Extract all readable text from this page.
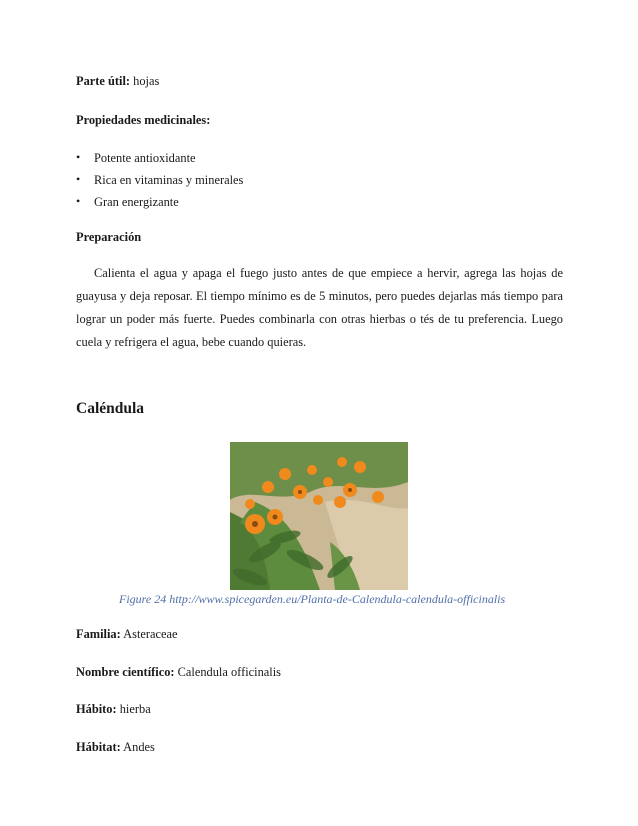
Parte útil: hojas
Propiedades medicinales:
• Potente antioxidante
• Rica en vitaminas y minerales
• Gran energizante
Preparación

Calienta el agua y apaga el fuego justo antes de que empiece a hervir, agrega las hojas de guayusa y deja reposar. El tiempo mínimo es de 5 minutos, pero puedes dejarlas más tiempo para lograr un poder más fuerte. Puedes combinarla con otras hierbas o tés de tu preferencia. Luego cuela y refrigera el agua, bebe cuando quieras.

Caléndula
Figure 24 http://www.spicegarden.eu/Planta-de-Calendula-calendula-officinalis
Familia: Asteraceae
Nombre científico: Calendula officinalis
Hábito: hierba
Hábitat: Andes
